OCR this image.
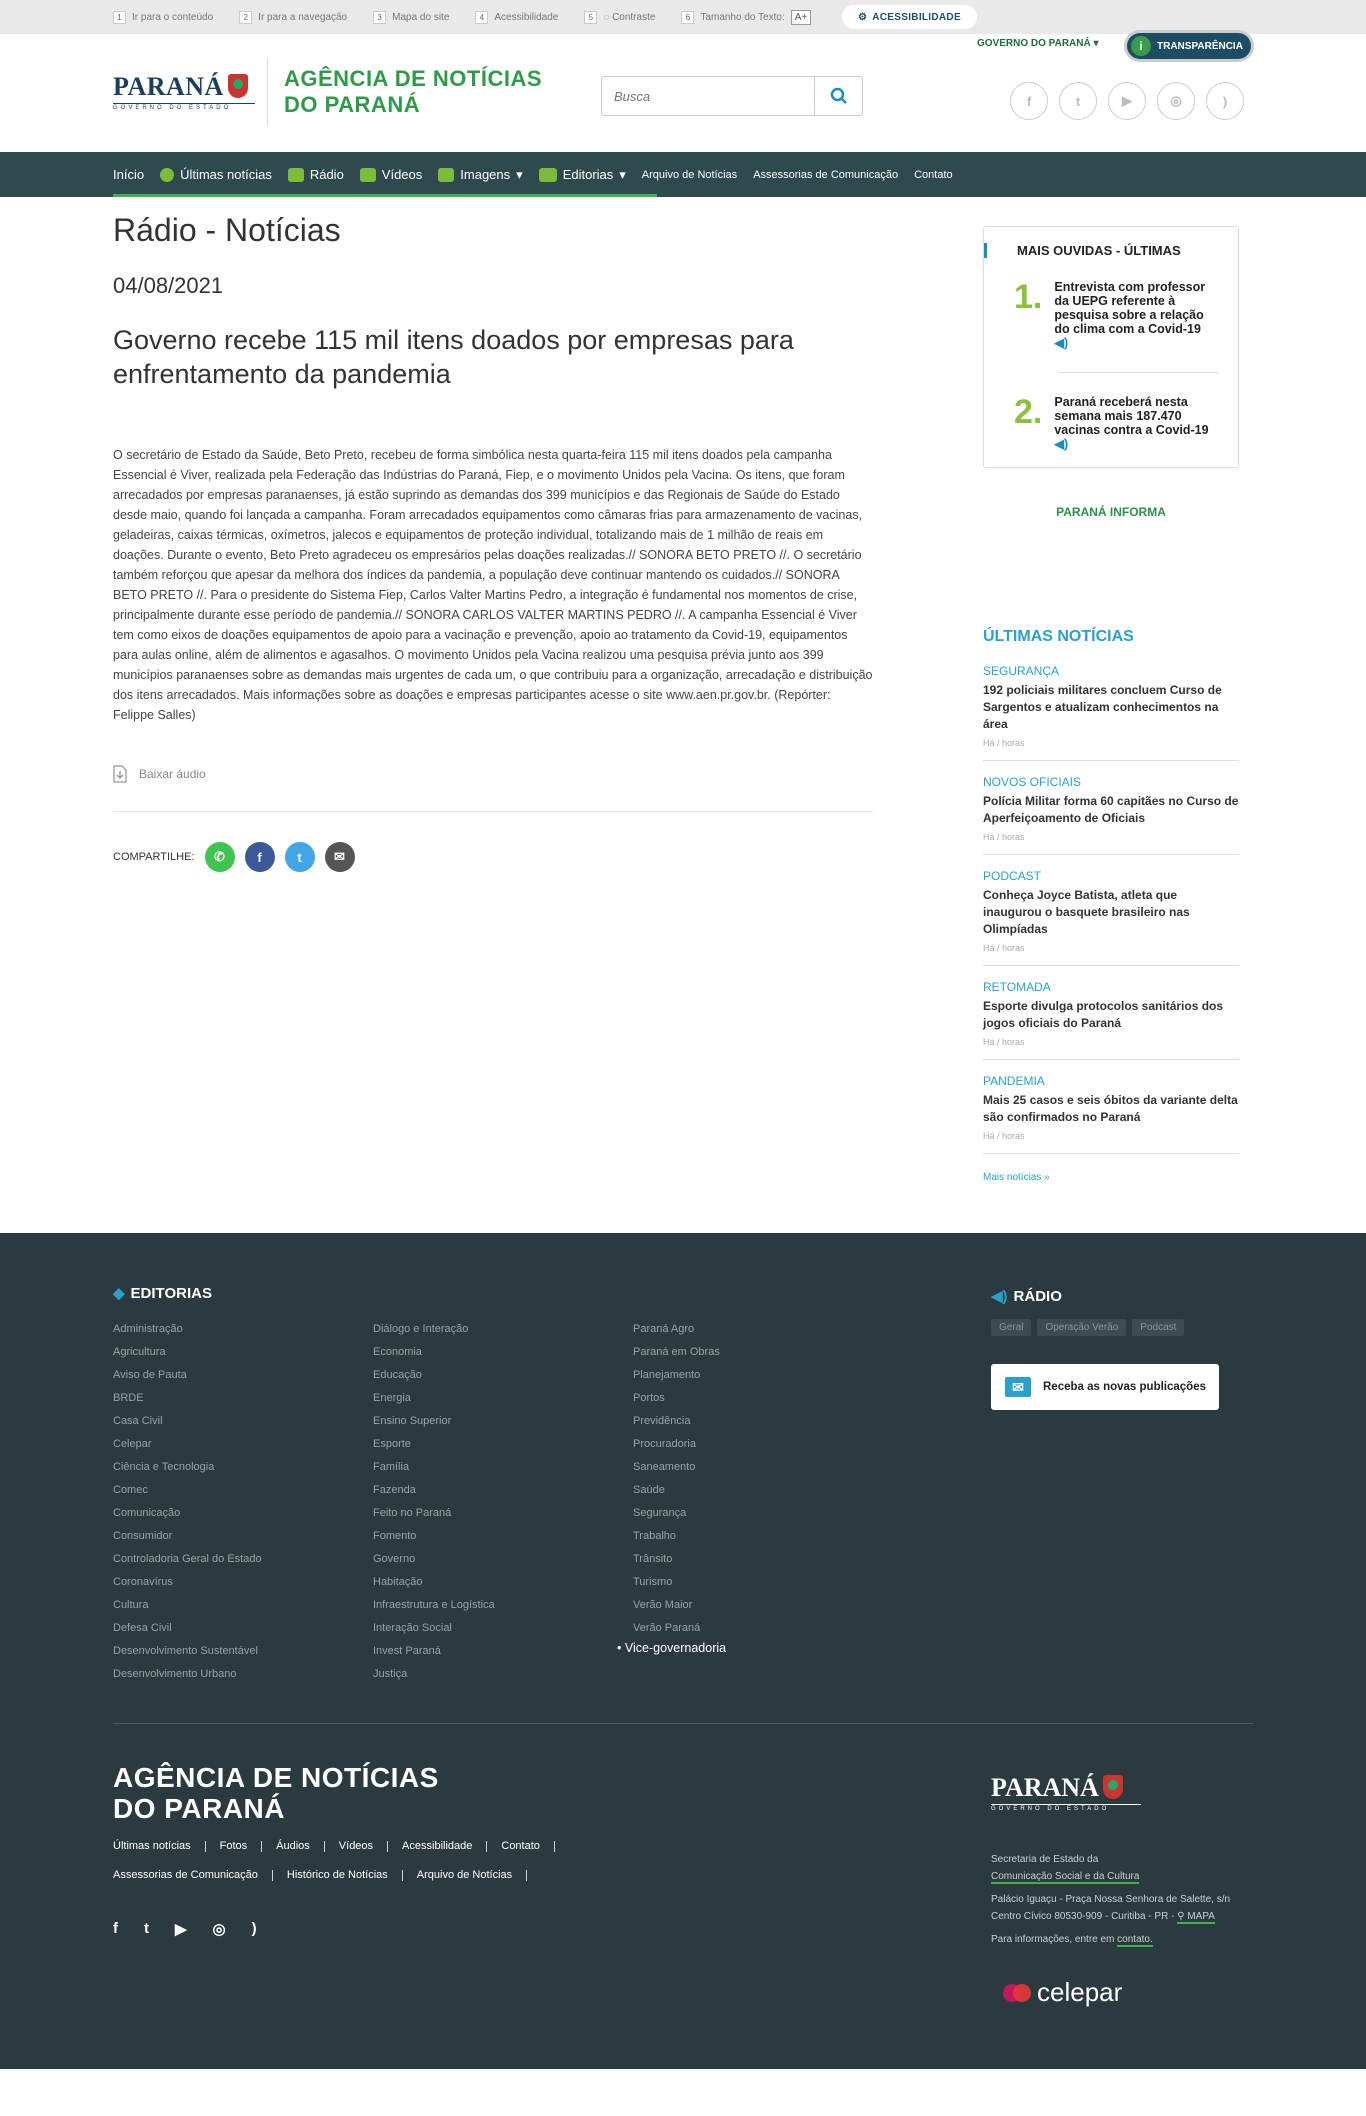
1 Ir para o conteúdo	2 Ir para a navegação	3 Mapa do site	4 Acessibilidade	5 ◌ Contraste	6 Tamanho do Texto: A+	⚙ ACESSIBILIDADE
PARANÁ
GOVERNO DO ESTADO
AGÊNCIA DE NOTÍCIAS
DO PARANÁ
Busca
GOVERNO DO PARANÁ ▾	i	TRANSPARÊNCIA
f	t	▶	◎	)
Início	Últimas notícias	Rádio	Vídeos	Imagens ▾	Editorias ▾ Arquivo de Notícias Assessorias de Comunicação Contato
Rádio - Notícias
04/08/2021
Governo recebe 115 mil itens doados por empresas para enfrentamento da pandemia

O secretário de Estado da Saúde, Beto Preto, recebeu de forma simbólica nesta quarta-feira 115 mil itens doados pela campanha Essencial é Viver, realizada pela Federação das Indústrias do Paraná, Fiep, e o movimento Unidos pela Vacina. Os itens, que foram arrecadados por empresas paranaenses, já estão suprindo as demandas dos 399 municípios e das Regionais de Saúde do Estado desde maio, quando foi lançada a campanha. Foram arrecadados equipamentos como câmaras frias para armazenamento de vacinas, geladeiras, caixas térmicas, oxímetros, jalecos e equipamentos de proteção individual, totalizando mais de 1 milhão de reais em doações. Durante o evento, Beto Preto agradeceu os empresários pelas doações realizadas.// SONORA BETO PRETO //. O secretário também reforçou que apesar da melhora dos índices da pandemia, a população deve continuar mantendo os cuidados.// SONORA BETO PRETO //. Para o presidente do Sistema Fiep, Carlos Valter Martins Pedro, a integração é fundamental nos momentos de crise, principalmente durante esse período de pandemia.// SONORA CARLOS VALTER MARTINS PEDRO //. A campanha Essencial é Viver tem como eixos de doações equipamentos de apoio para a vacinação e prevenção, apoio ao tratamento da Covid-19, equipamentos para aulas online, além de alimentos e agasalhos. O movimento Unidos pela Vacina realizou uma pesquisa prévia junto aos 399 municípios paranaenses sobre as demandas mais urgentes de cada um, o que contribuiu para a organização, arrecadação e distribuição dos itens arrecadados. Mais informações sobre as doações e empresas participantes acesse o site www.aen.pr.gov.br. (Repórter: Felippe Salles)

Baixar áudio
COMPARTILHE:	✆	f	t	✉
MAIS OUVIDAS - ÚLTIMAS
1. Entrevista com professor da UEPG referente à pesquisa sobre a relação do clima com a Covid-19 ◀)
2. Paraná receberá nesta semana mais 187.470 vacinas contra a Covid-19
◀)
PARANÁ INFORMA
ÚLTIMAS NOTÍCIAS
SEGURANÇA
192 policiais militares concluem Curso de Sargentos e atualizam conhecimentos na área
Há / horas
NOVOS OFICIAIS
Polícia Militar forma 60 capitães no Curso de Aperfeiçoamento de Oficiais
Há / horas
PODCAST
Conheça Joyce Batista, atleta que inaugurou o basquete brasileiro nas Olimpíadas
Há / horas
RETOMADA
Esporte divulga protocolos sanitários dos jogos oficiais do Paraná
Há / horas
PANDEMIA
Mais 25 casos e seis óbitos da variante delta são confirmados no Paraná
Há / horas
Mais notícias »
◆ EDITORIAS
Administração
Agricultura
Aviso de Pauta
BRDE
Casa Civil
Celepar
Ciência e Tecnologia
Comec
Comunicação
Consumidor
Controladoria Geral do Estado
Coronavírus
Cultura
Defesa Civil
Desenvolvimento Sustentável
Desenvolvimento Urbano
Diálogo e Interação
Economia
Educação
Energia
Ensino Superior
Esporte
Família
Fazenda
Feito no Paraná
Fomento
Governo
Habitação
Infraestrutura e Logística
Interação Social
Invest Paraná
Justiça
Paraná Agro
Paraná em Obras
Planejamento
Portos
Previdência
Procuradoria
Saneamento
Saúde
Segurança
Trabalho
Trânsito
Turismo
Verão Maior
Verão Paraná
• Vice-governadoria
◀) RÁDIO
Geral	Operação Verão	Podcast
✉	Receba as novas publicações
AGÊNCIA DE NOTÍCIAS
DO PARANÁ
Últimas notícias	Fotos	Áudios	Vídeos	Acessibilidade	Contato
Assessorias de Comunicação	Histórico de Notícias	Arquivo de Notícias
f t ▶ ◎ )
PARANÁ
GOVERNO DO ESTADO
Secretaria de Estado da
Comunicação Social e da Cultura
Palácio Iguaçu - Praça Nossa Senhora de Salette, s/n
Centro Cívico 80530-909 - Curitiba - PR - ⚲ MAPA
Para informações, entre em contato.
celepar
